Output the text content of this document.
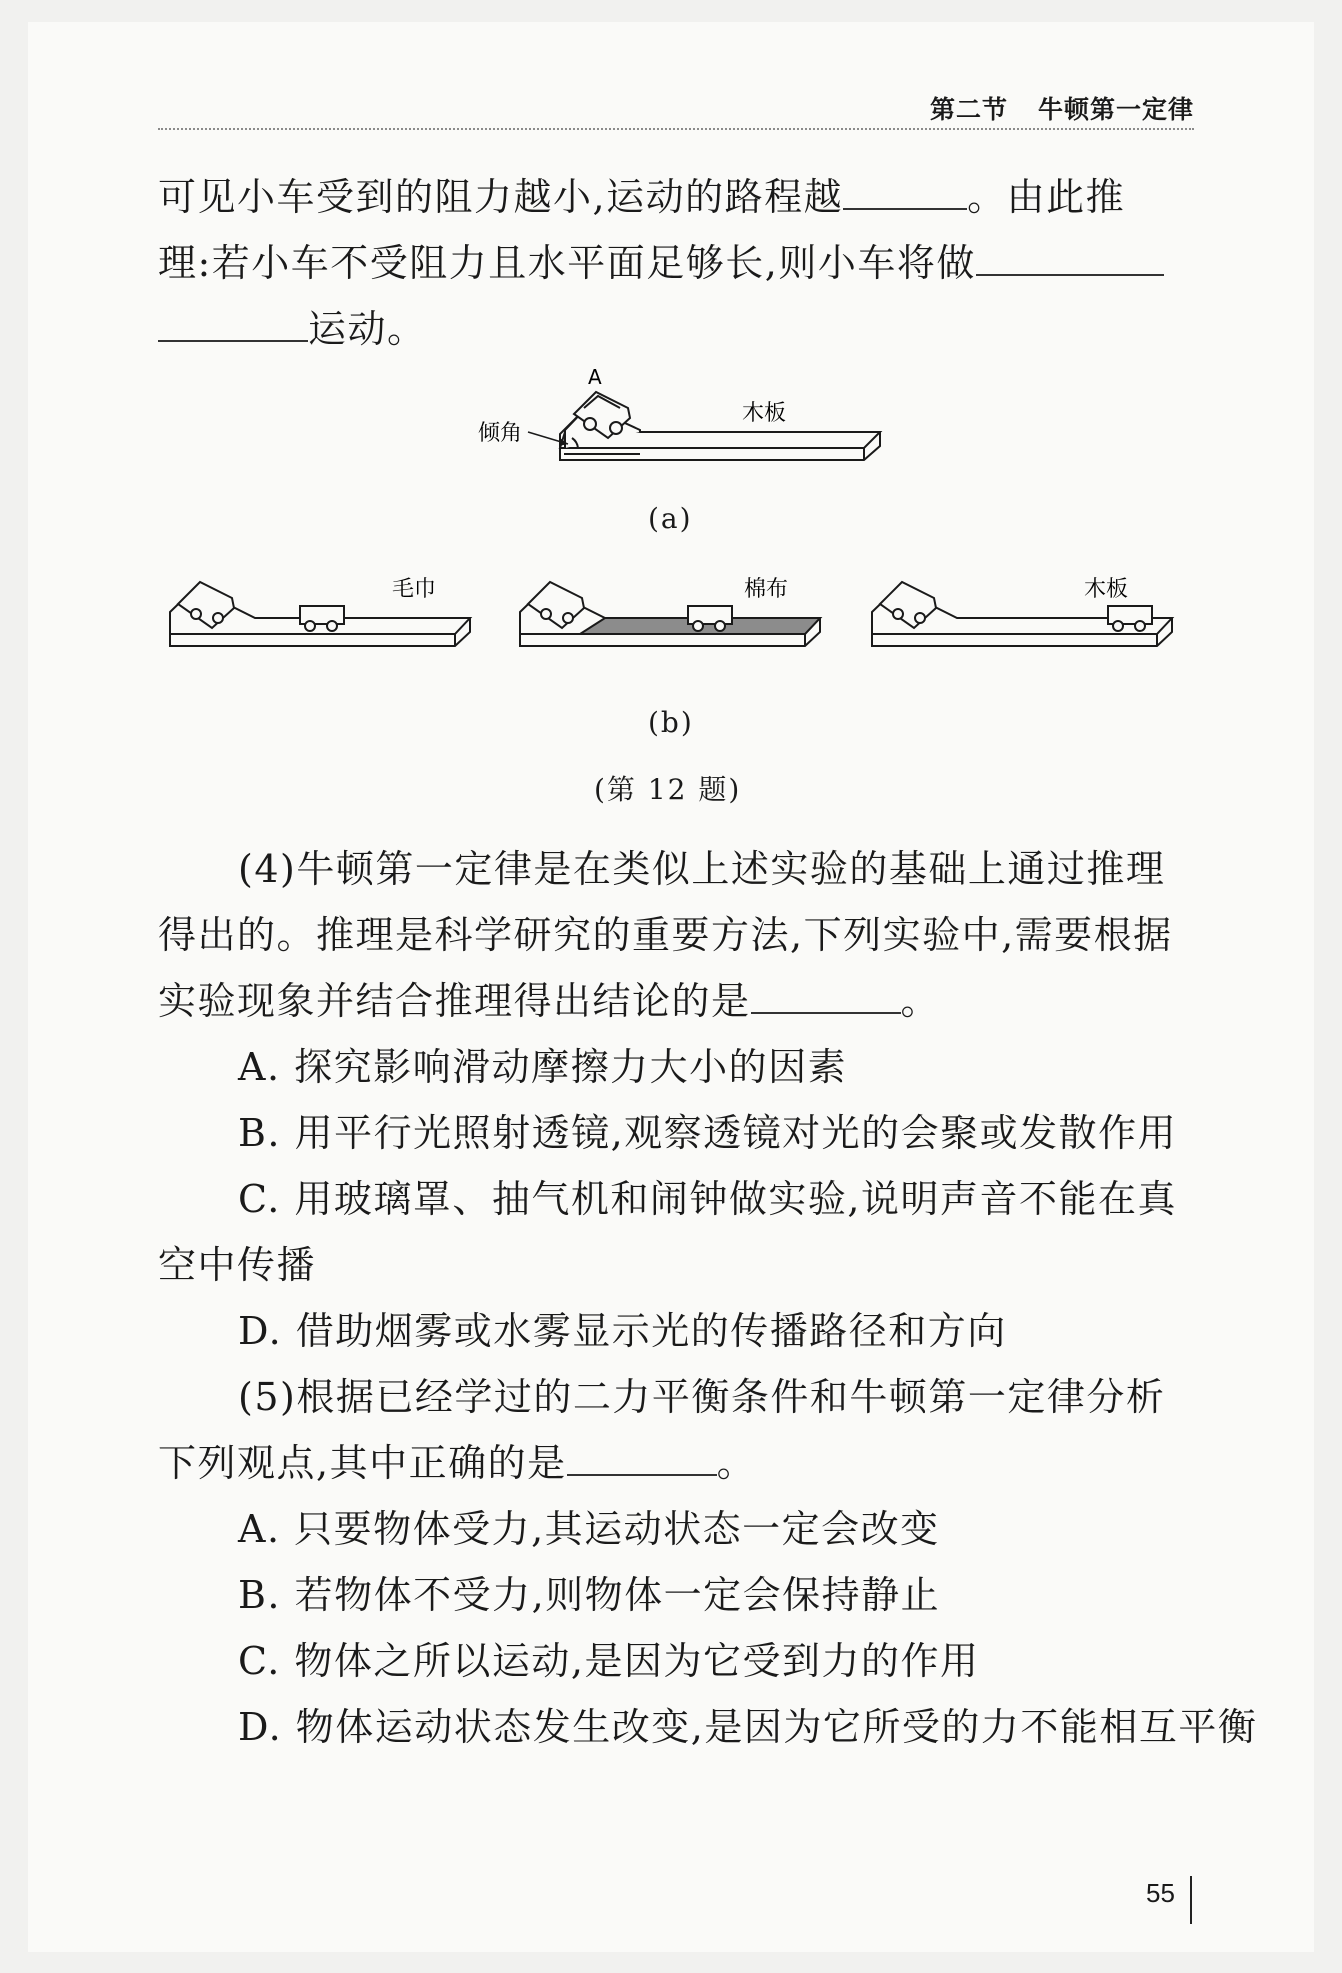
第二节 牛顿第一定律
可见小车受到的阻力越小,运动的路程越	。由此推
理:若小车不受阻力且水平面足够长,则小车将做
运动。
A
倾角
木板
(a)
毛巾	棉布	木板
(b)
(第 12 题)
(4)牛顿第一定律是在类似上述实验的基础上通过推理
得出的。推理是科学研究的重要方法,下列实验中,需要根据
实验现象并结合推理得出结论的是	。
A. 探究影响滑动摩擦力大小的因素
B. 用平行光照射透镜,观察透镜对光的会聚或发散作用
C. 用玻璃罩、抽气机和闹钟做实验,说明声音不能在真
空中传播
D. 借助烟雾或水雾显示光的传播路径和方向
(5)根据已经学过的二力平衡条件和牛顿第一定律分析
下列观点,其中正确的是	。
A. 只要物体受力,其运动状态一定会改变
B. 若物体不受力,则物体一定会保持静止
C. 物体之所以运动,是因为它受到力的作用
D. 物体运动状态发生改变,是因为它所受的力不能相互平衡
55
